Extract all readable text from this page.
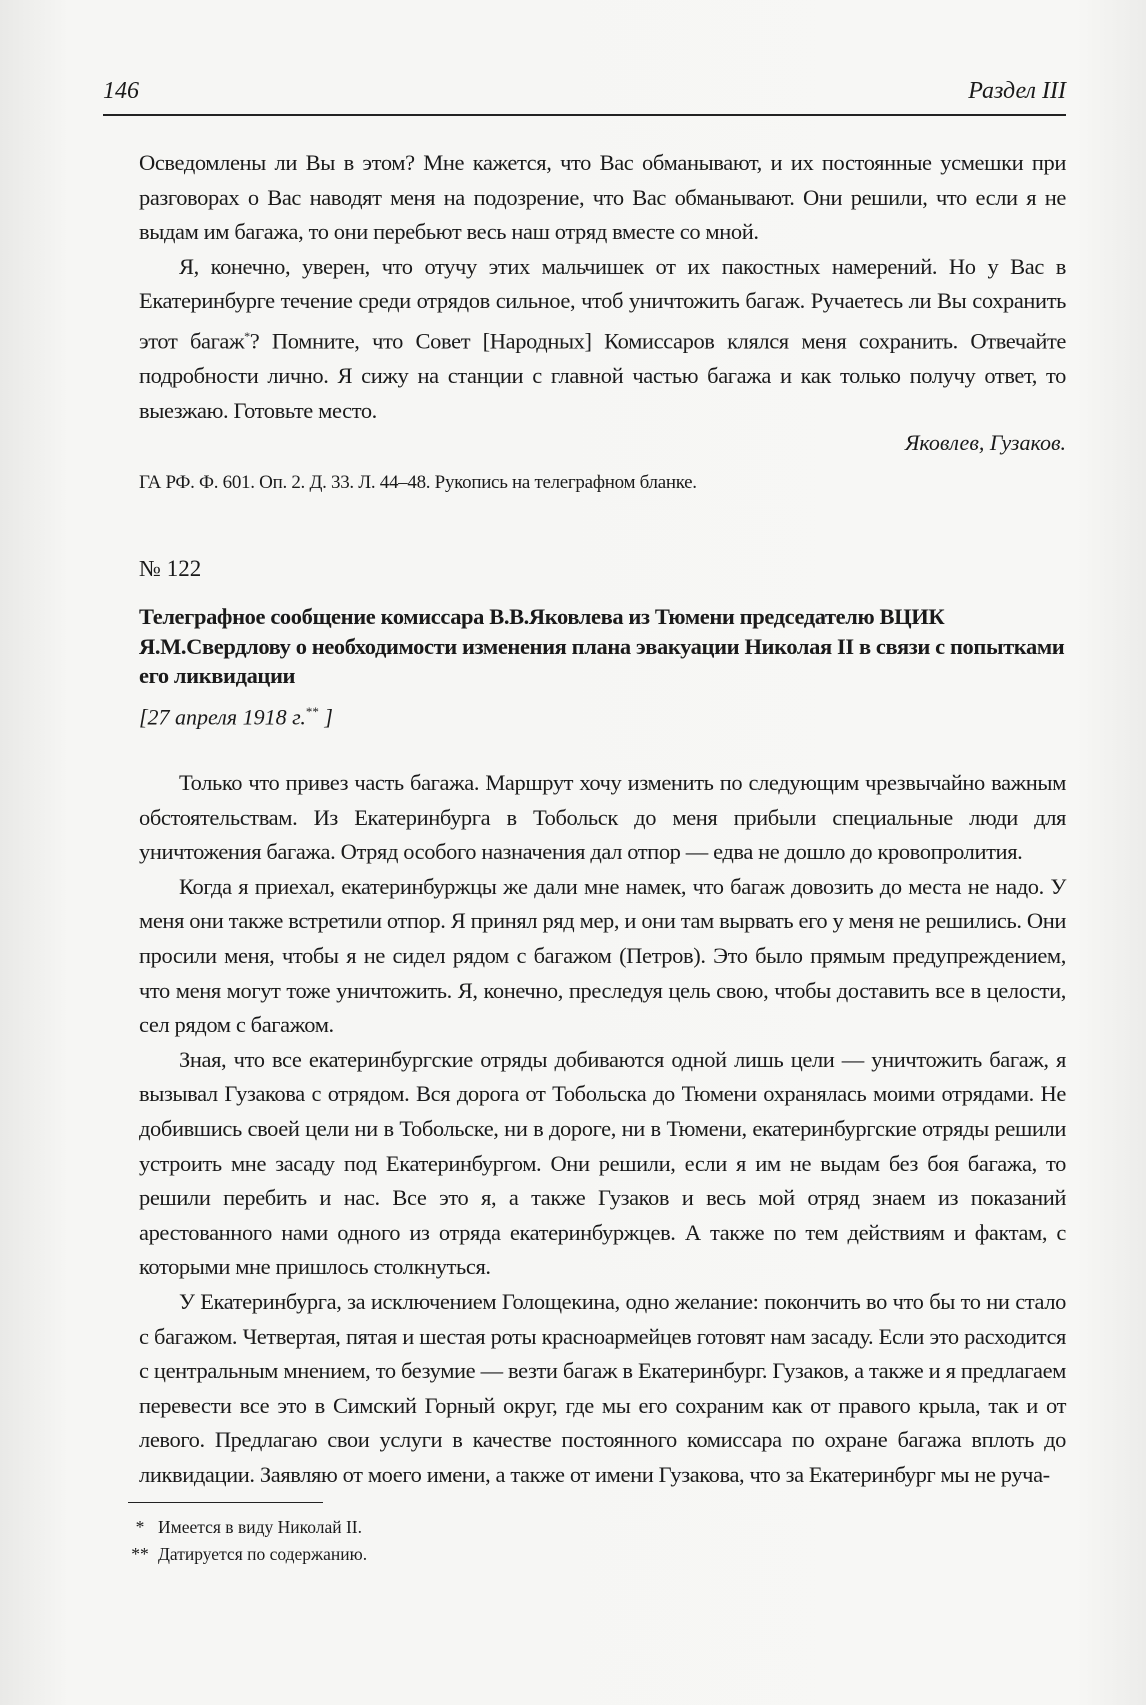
146	Раздел III

Осведомлены ли Вы в этом? Мне кажется, что Вас обманывают, и их постоянные усмешки при разговорах о Вас наводят меня на подозрение, что Вас обманывают. Они решили, что если я не выдам им багажа, то они перебьют весь наш отряд вместе со мной.

Я, конечно, уверен, что отучу этих мальчишек от их пакостных намерений. Но у Вас в Екатеринбурге течение среди отрядов сильное, чтоб уничтожить багаж. Ручаетесь ли Вы сохранить этот багаж*? Помните, что Совет [Народных] Комиссаров клялся меня сохранить. Отвечайте подробности лично. Я сижу на станции с главной частью багажа и как только получу ответ, то выезжаю. Готовьте место.

Яковлев, Гузаков.
ГА РФ. Ф. 601. Оп. 2. Д. 33. Л. 44–48. Рукопись на телеграфном бланке.
№ 122
Телеграфное сообщение комиссара В.В.Яковлева из Тюмени председателю ВЦИК Я.М.Свердлову о необходимости изменения плана эвакуации Николая II в связи с попытками его ликвидации
[27 апреля 1918 г.** ]

Только что привез часть багажа. Маршрут хочу изменить по следующим чрезвычайно важным обстоятельствам. Из Екатеринбурга в Тобольск до меня прибыли специальные люди для уничтожения багажа. Отряд особого назначения дал отпор — едва не дошло до кровопролития.

Когда я приехал, екатеринбуржцы же дали мне намек, что багаж довозить до места не надо. У меня они также встретили отпор. Я принял ряд мер, и они там вырвать его у меня не решились. Они просили меня, чтобы я не сидел рядом с багажом (Петров). Это было прямым предупреждением, что меня могут тоже уничтожить. Я, конечно, преследуя цель свою, чтобы доставить все в целости, сел рядом с багажом.

Зная, что все екатеринбургские отряды добиваются одной лишь цели — уничтожить багаж, я вызывал Гузакова с отрядом. Вся дорога от Тобольска до Тюмени охранялась моими отрядами. Не добившись своей цели ни в Тобольске, ни в дороге, ни в Тюмени, екатеринбургские отряды решили устроить мне засаду под Екатеринбургом. Они решили, если я им не выдам без боя багажа, то решили перебить и нас. Все это я, а также Гузаков и весь мой отряд знаем из показаний арестованного нами одного из отряда екатеринбуржцев. А также по тем действиям и фактам, с которыми мне пришлось столкнуться.

У Екатеринбурга, за исключением Голощекина, одно желание: покончить во что бы то ни стало с багажом. Четвертая, пятая и шестая роты красноармейцев готовят нам засаду. Если это расходится с центральным мнением, то безумие — везти багаж в Екатеринбург. Гузаков, а также и я предлагаем перевести все это в Симский Горный округ, где мы его сохраним как от правого крыла, так и от левого. Предлагаю свои услуги в качестве постоянного комиссара по охране багажа вплоть до ликвидации. Заявляю от моего имени, а также от имени Гузакова, что за Екатеринбург мы не руча-

* Имеется в виду Николай II.
** Датируется по содержанию.
